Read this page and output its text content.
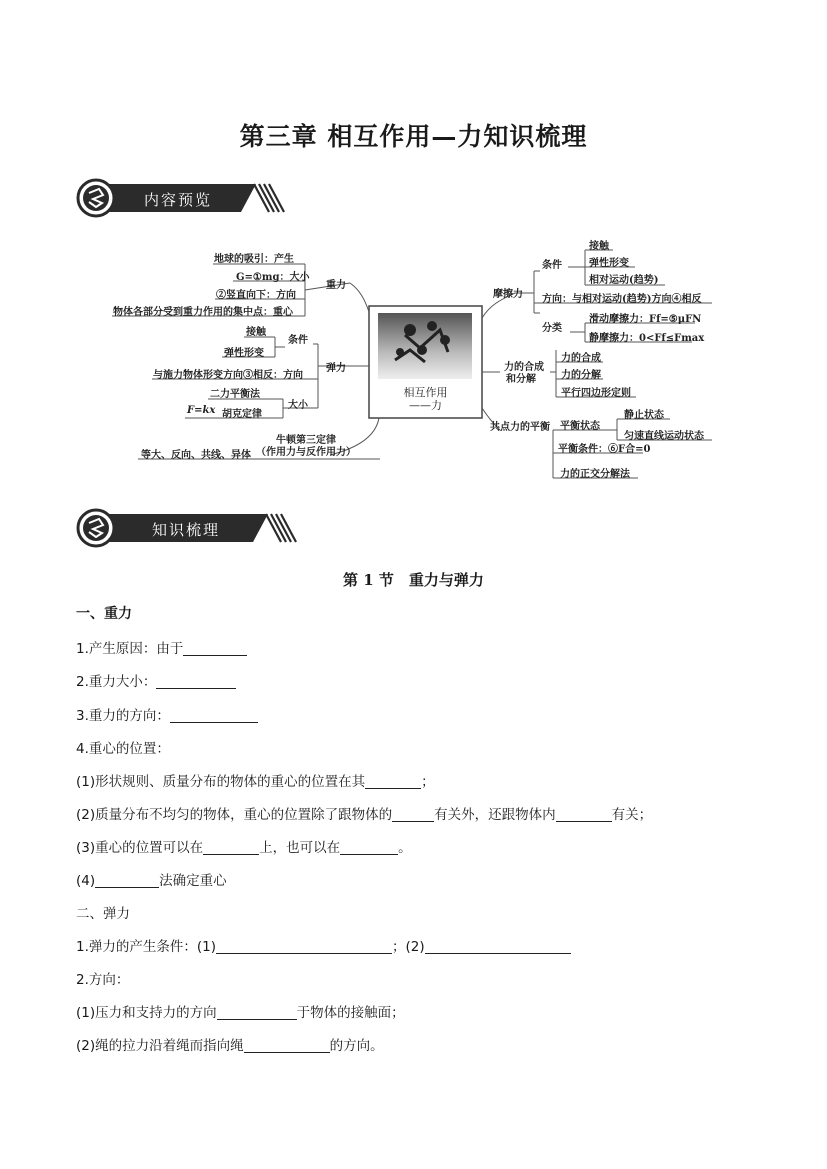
第三章 相互作用—力知识梳理
内容预览
相互作用
——力
地球的吸引：产生
G=①mg：大小
②竖直向下：方向
物体各部分受到重力作用的集中点：重心
重力
接触
弹性形变
条件
与施力物体形变方向③相反：方向
二力平衡法
F=kx 胡克定律
大小
弹力
牛顿第三定律
（作用力与反作用力）
等大、反向、共线、异体
摩擦力
条件
接触
弹性形变
相对运动(趋势)
方向：与相对运动(趋势)方向④相反
分类
滑动摩擦力：Ff=⑤μFN
静摩擦力：0<Ff≤Fmax
力的合成
和分解
力的合成
力的分解
平行四边形定则
共点力的平衡 平衡状态
静止状态
匀速直线运动状态
平衡条件：⑥F合=0
力的正交分解法
知识梳理
第 1 节　重力与弹力
一、重力
1.产生原因：由于
2.重力大小：
3.重力的方向：
4.重心的位置：
(1)形状规则、质量分布的物体的重心的位置在其	；
(2)质量分布不均匀的物体，重心的位置除了跟物体的	有关外，还跟物体内	有关；
(3)重心的位置可以在	上，也可以在	。
(4)	法确定重心
二、弹力
1.弹力的产生条件：(1)	；(2)
2.方向：
(1)压力和支持力的方向	于物体的接触面；
(2)绳的拉力沿着绳而指向绳	的方向。
